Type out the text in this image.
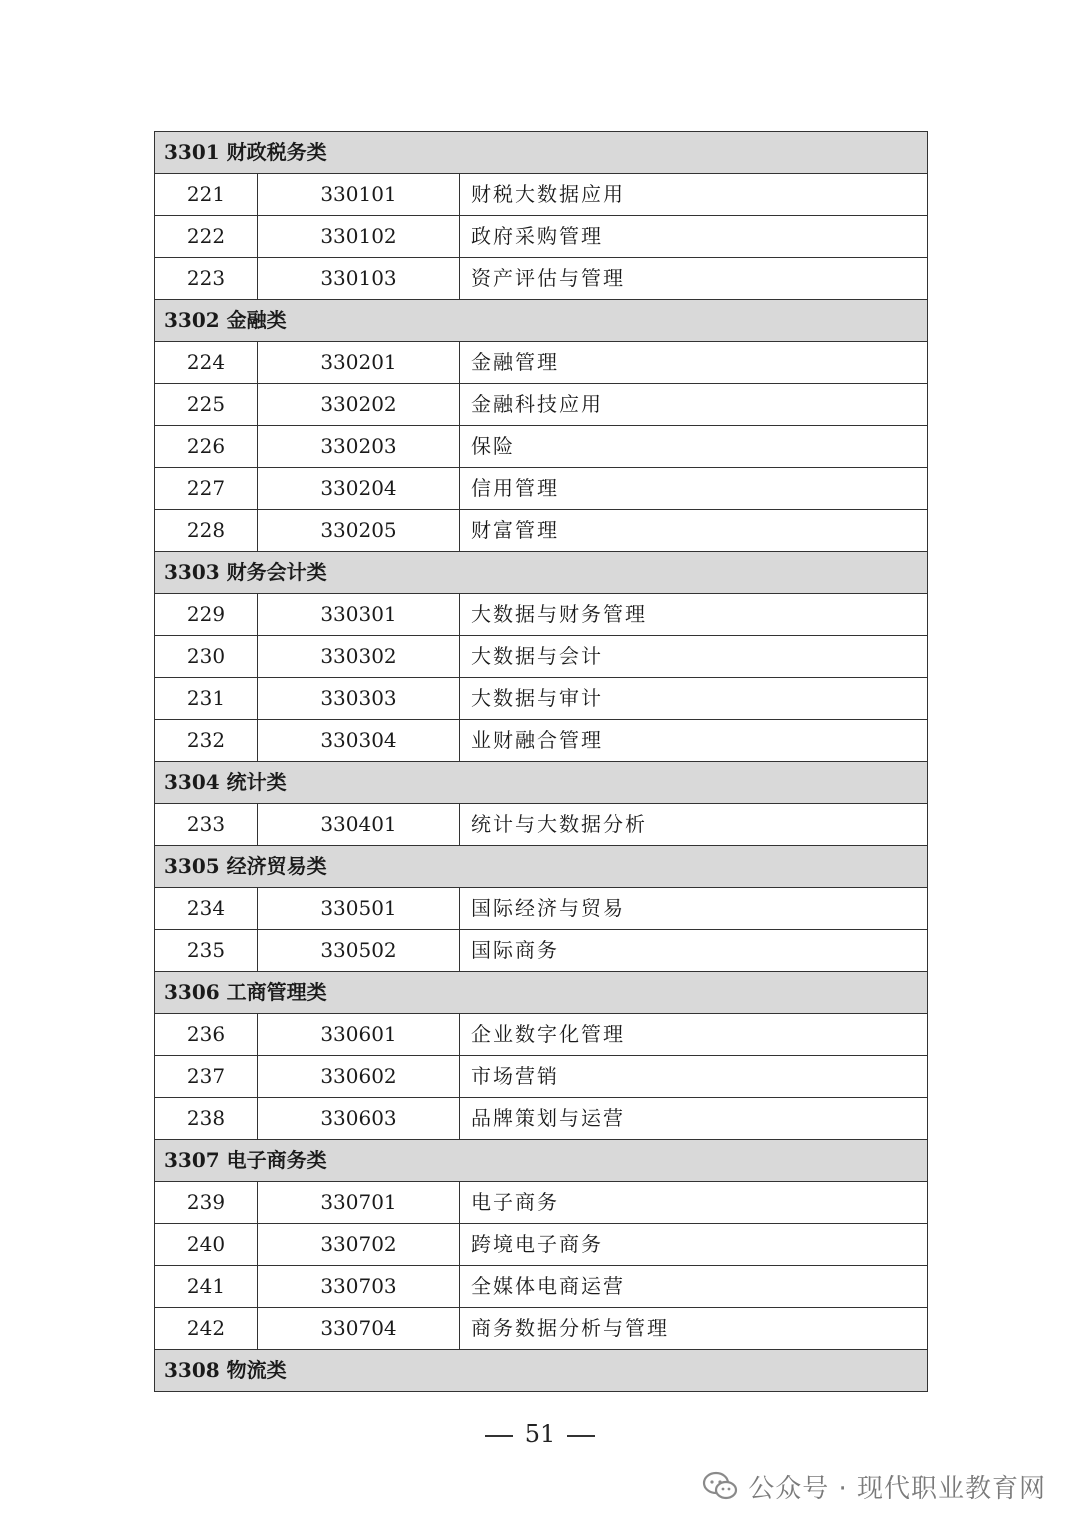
3301 财政税务类		
221	330101	财税大数据应用
222	330102	政府采购管理
223	330103	资产评估与管理
3302 金融类		
224	330201	金融管理
225	330202	金融科技应用
226	330203	保险
227	330204	信用管理
228	330205	财富管理
3303 财务会计类		
229	330301	大数据与财务管理
230	330302	大数据与会计
231	330303	大数据与审计
232	330304	业财融合管理
3304 统计类		
233	330401	统计与大数据分析
3305 经济贸易类		
234	330501	国际经济与贸易
235	330502	国际商务
3306 工商管理类		
236	330601	企业数字化管理
237	330602	市场营销
238	330603	品牌策划与运营
3307 电子商务类		
239	330701	电子商务
240	330702	跨境电子商务
241	330703	全媒体电商运营
242	330704	商务数据分析与管理
3308 物流类		
51
公众号 · 现代职业教育网
